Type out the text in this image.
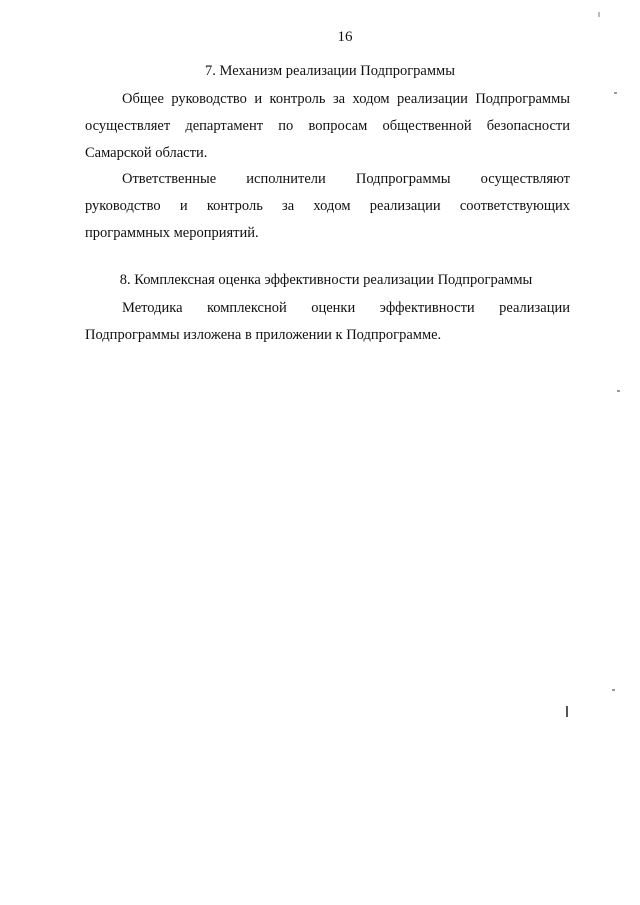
16
7. Механизм реализации Подпрограммы
Общее руководство и контроль за ходом реализации Подпрограммы
осуществляет департамент по вопросам общественной безопасности
Самарской области.
Ответственные исполнители Подпрограммы осуществляют
руководство и контроль за ходом реализации соответствующих
программных мероприятий.
8. Комплексная оценка эффективности реализации Подпрограммы
Методика комплексной оценки эффективности реализации
Подпрограммы изложена в приложении к Подпрограмме.
